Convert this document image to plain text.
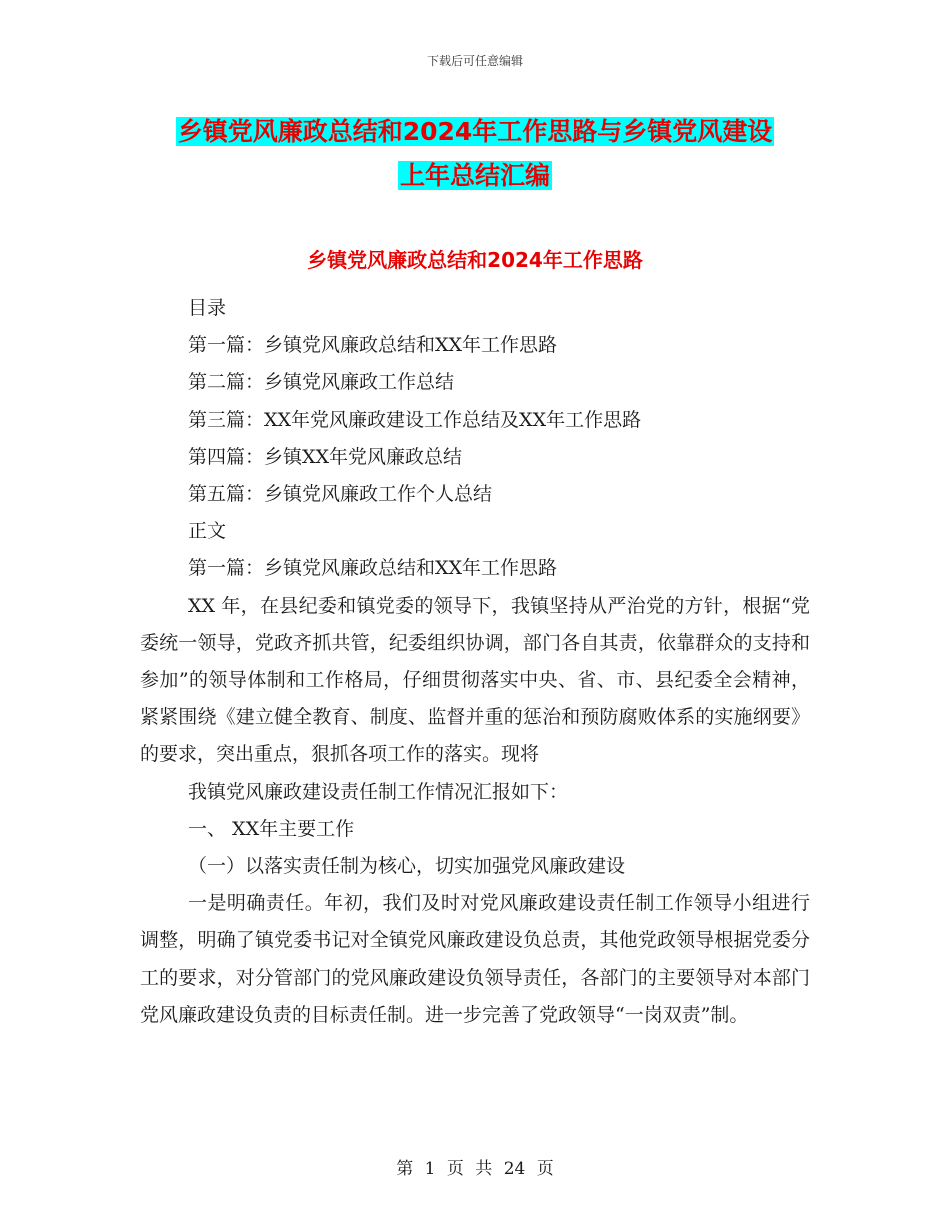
下载后可任意编辑
乡镇党风廉政总结和2024年工作思路与乡镇党风建设
上年总结汇编
乡镇党风廉政总结和2024年工作思路

目录

第一篇：乡镇党风廉政总结和XX年工作思路

第二篇：乡镇党风廉政工作总结

第三篇：XX年党风廉政建设工作总结及XX年工作思路

第四篇：乡镇XX年党风廉政总结

第五篇：乡镇党风廉政工作个人总结

正文

第一篇：乡镇党风廉政总结和XX年工作思路

XX 年，在县纪委和镇党委的领导下，我镇坚持从严治党的方针，根据“党委统一领导，党政齐抓共管，纪委组织协调，部门各自其责，依靠群众的支持和参加”的领导体制和工作格局，仔细贯彻落实中央、省、市、县纪委全会精神，紧紧围绕《建立健全教育、制度、监督并重的惩治和预防腐败体系的实施纲要》的要求，突出重点，狠抓各项工作的落实。现将

我镇党风廉政建设责任制工作情况汇报如下：

一、 XX年主要工作

（一）以落实责任制为核心，切实加强党风廉政建设

一是明确责任。年初，我们及时对党风廉政建设责任制工作领导小组进行调整，明确了镇党委书记对全镇党风廉政建设负总责，其他党政领导根据党委分工的要求，对分管部门的党风廉政建设负领导责任，各部门的主要领导对本部门党风廉政建设负责的目标责任制。进一步完善了党政领导“一岗双责”制。

第 1 页 共 24 页
